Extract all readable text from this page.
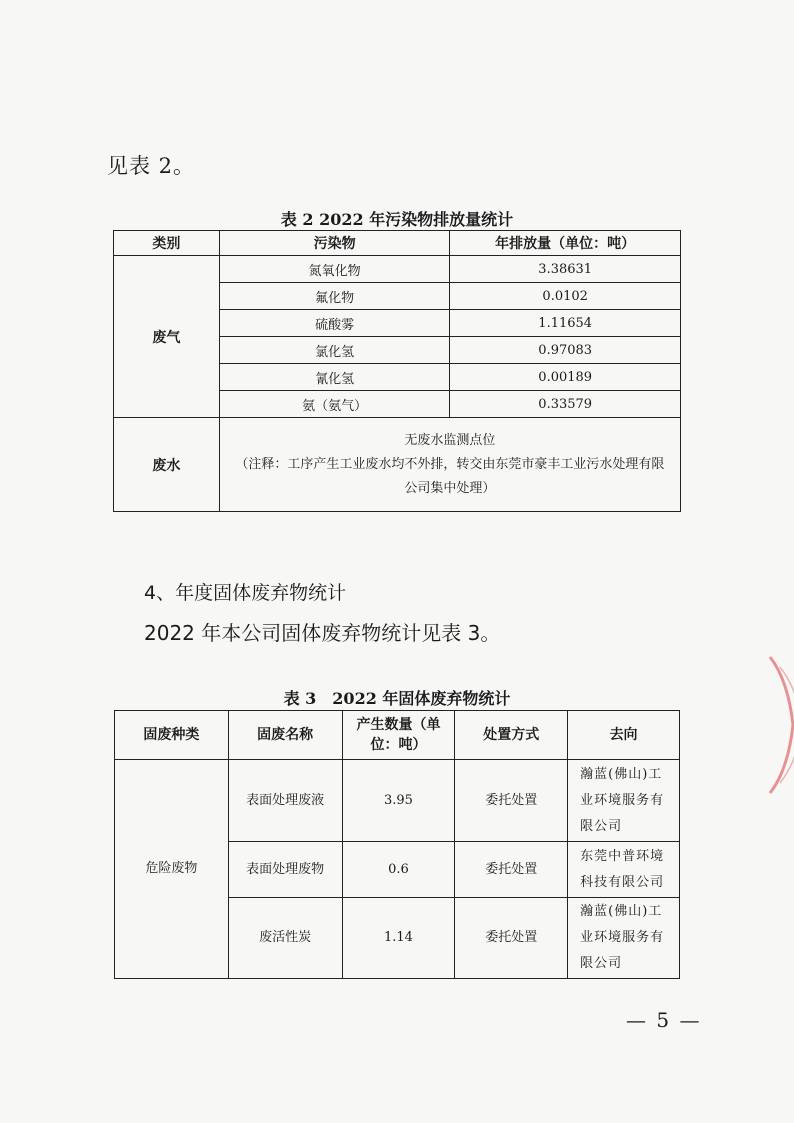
见表 2。
表 2 2022 年污染物排放量统计
类别	污染物	年排放量（单位：吨）
废气	氮氧化物	3.38631
	氟化物	0.0102
	硫酸雾	1.11654
	氯化氢	0.97083
	氰化氢	0.00189
	氨（氨气）	0.33579
废水	无废水监测点位
（注释：工序产生工业废水均不外排，转交由东莞市豪丰工业污水处理有限
公司集中处理）	
4、年度固体废弃物统计
2022 年本公司固体废弃物统计见表 3。
表 3　2022 年固体废弃物统计
固废种类	固废名称	产生数量（单位：吨）	处置方式	去向
危险废物	表面处理废液	3.95	委托处置	瀚蓝(佛山)工业环境服务有限公司
	表面处理废物	0.6	委托处置	东莞中普环境科技有限公司
	废活性炭	1.14	委托处置	瀚蓝(佛山)工业环境服务有限公司
— 5 —
